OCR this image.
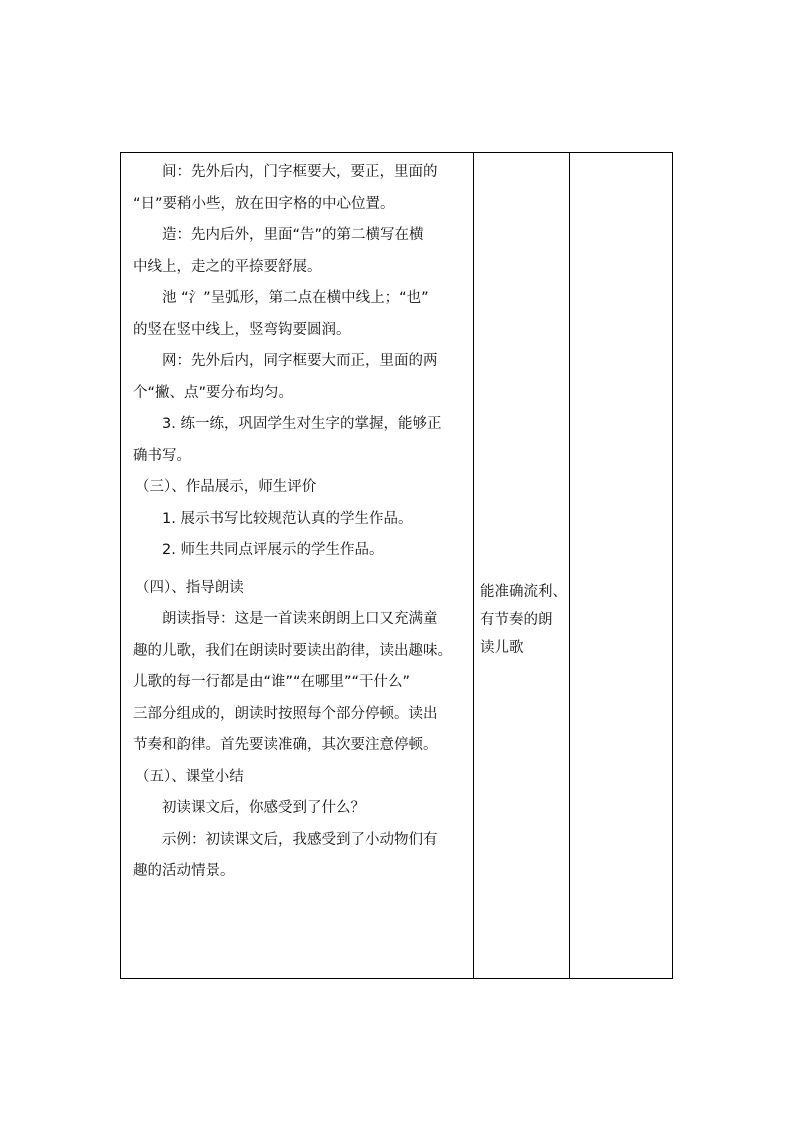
间：先外后内，门字框要大，要正，里面的

“日”要稍小些，放在田字格的中心位置。

造：先内后外，里面“告”的第二横写在横

中线上，走之的平捺要舒展。

池 “氵”呈弧形，第二点在横中线上；“也”

的竖在竖中线上，竖弯钩要圆润。

网：先外后内，同字框要大而正，里面的两

个“撇、点”要分布均匀。

3. 练一练，巩固学生对生字的掌握，能够正

确书写。

（三）、作品展示，师生评价

1. 展示书写比较规范认真的学生作品。

2. 师生共同点评展示的学生作品。

（四）、指导朗读

朗读指导：这是一首读来朗朗上口又充满童

趣的儿歌，我们在朗读时要读出韵律，读出趣味。

儿歌的每一行都是由“谁”“在哪里”“干什么”

三部分组成的，朗读时按照每个部分停顿。读出

节奏和韵律。首先要读准确，其次要注意停顿。

（五）、课堂小结

初读课文后，你感受到了什么？

示例：初读课文后，我感受到了小动物们有

趣的活动情景。

能准确流利、

有节奏的朗

读儿歌
